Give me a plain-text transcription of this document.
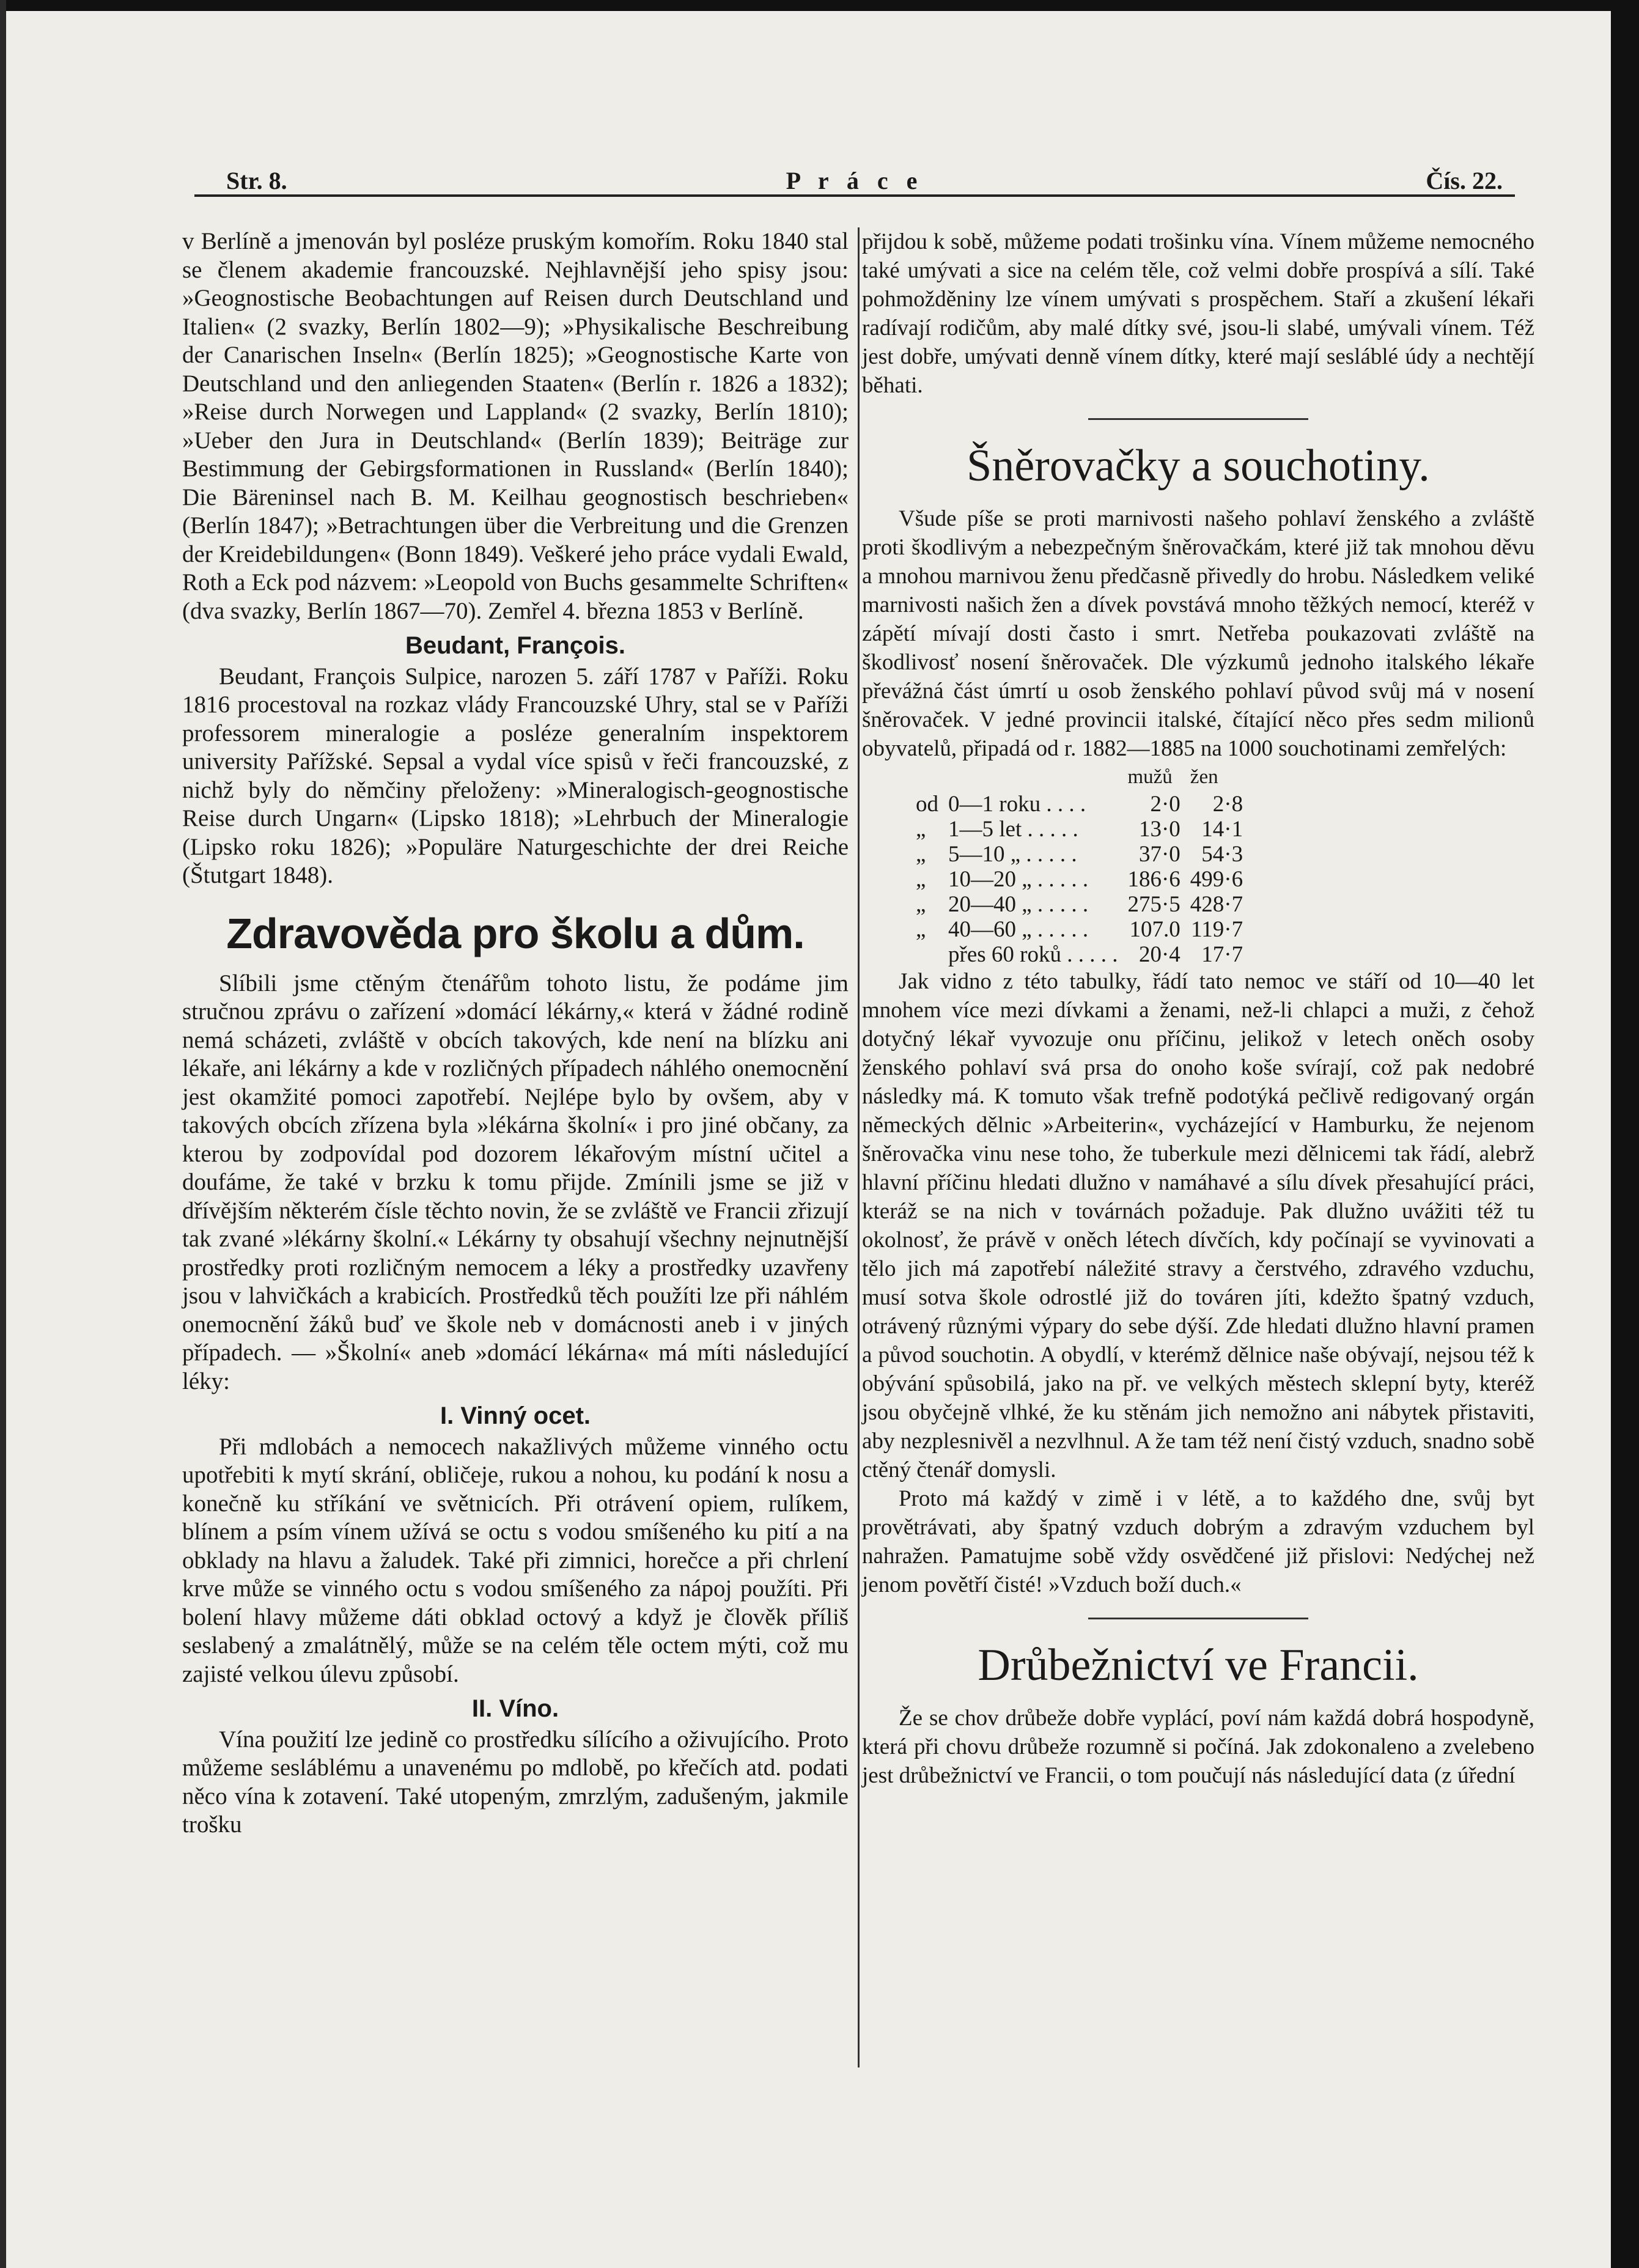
Str. 8.	P r á c e	Čís. 22.

v Berlíně a jmenován byl posléze pruským komořím. Roku 1840 stal se členem akademie francouzské. Nejhlavnější jeho spisy jsou: »Geognostische Beobachtungen auf Reisen durch Deutschland und Italien« (2 svazky, Berlín 1802—9); »Physikalische Beschreibung der Canarischen Inseln« (Berlín 1825); »Geognostische Karte von Deutschland und den anliegenden Staaten« (Berlín r. 1826 a 1832); »Reise durch Norwegen und Lappland« (2 svazky, Berlín 1810); »Ueber den Jura in Deutschland« (Berlín 1839); Beiträge zur Bestimmung der Gebirgsformationen in Russland« (Berlín 1840); Die Bäreninsel nach B. M. Keilhau geognostisch beschrieben« (Berlín 1847); »Betrachtungen über die Verbreitung und die Grenzen der Kreidebildungen« (Bonn 1849). Veškeré jeho práce vydali Ewald, Roth a Eck pod názvem: »Leopold von Buchs gesammelte Schriften« (dva svazky, Berlín 1867—70). Zemřel 4. března 1853 v Berlíně.

Beudant, François.

Beudant, François Sulpice, narozen 5. září 1787 v Paříži. Roku 1816 procestoval na rozkaz vlády Francouzské Uhry, stal se v Paříži professorem mineralogie a posléze generalním inspektorem university Pařížské. Sepsal a vydal více spisů v řeči francouzské, z nichž byly do němčiny přeloženy: »Mineralogisch-geognostische Reise durch Ungarn« (Lipsko 1818); »Lehrbuch der Mineralogie (Lipsko roku 1826); »Populäre Naturgeschichte der drei Reiche (Štutgart 1848).

Zdravověda pro školu a dům.

Slíbili jsme ctěným čtenářům tohoto listu, že podáme jim stručnou zprávu o zařízení »domácí lékárny,« která v žádné rodině nemá scházeti, zvláště v obcích takových, kde není na blízku ani lékaře, ani lékárny a kde v rozličných případech náhlého onemocnění jest okamžité pomoci zapotřebí. Nejlépe bylo by ovšem, aby v takových obcích zřízena byla »lékárna školní« i pro jiné občany, za kterou by zodpovídal pod dozorem lékařovým místní učitel a doufáme, že také v brzku k tomu přijde. Zmínili jsme se již v dřívějším některém čísle těchto novin, že se zvláště ve Francii zřizují tak zvané »lékárny školní.« Lékárny ty obsahují všechny nejnutnější prostředky proti rozličným nemocem a léky a prostředky uzavřeny jsou v lahvičkách a krabicích. Prostředků těch použíti lze při náhlém onemocnění žáků buď ve škole neb v domácnosti aneb i v jiných případech. — »Školní« aneb »domácí lékárna« má míti následující léky:

I. Vinný ocet.

Při mdlobách a nemocech nakažlivých můžeme vinného octu upotřebiti k mytí skrání, obličeje, rukou a nohou, ku podání k nosu a konečně ku stříkání ve světnicích. Při otrávení opiem, rulíkem, blínem a psím vínem užívá se octu s vodou smíšeného ku pití a na obklady na hlavu a žaludek. Také při zimnici, horečce a při chrlení krve může se vinného octu s vodou smíšeného za nápoj použíti. Při bolení hlavy můžeme dáti obklad octový a když je člověk příliš seslabený a zmalátnělý, může se na celém těle octem mýti, což mu zajisté velkou úlevu způsobí.

II. Víno.

Vína použití lze jedině co prostředku sílícího a oživujícího. Proto můžeme sesláblému a unavenému po mdlobě, po křečích atd. podati něco vína k zotavení. Také utopeným, zmrzlým, zadušeným, jakmile trošku

přijdou k sobě, můžeme podati trošinku vína. Vínem můžeme nemocného také umývati a sice na celém těle, což velmi dobře prospívá a sílí. Také pohmožděniny lze vínem umývati s prospěchem. Staří a zkušení lékaři radívají rodičům, aby malé dítky své, jsou-li slabé, umývali vínem. Též jest dobře, umývati denně vínem dítky, které mají sesláblé údy a nechtějí běhati.

Šněrovačky a souchotiny.

Všude píše se proti marnivosti našeho pohlaví ženského a zvláště proti škodlivým a nebezpečným šněrovačkám, které již tak mnohou děvu a mnohou marnivou ženu předčasně přivedly do hrobu. Následkem veliké marnivosti našich žen a dívek povstává mnoho těžkých nemocí, kteréž v zápětí mívají dosti často i smrt. Netřeba poukazovati zvláště na škodlivosť nosení šněrovaček. Dle výzkumů jednoho italského lékaře převážná část úmrtí u osob ženského pohlaví původ svůj má v nosení šněrovaček. V jedné provincii italské, čítající něco přes sedm milionů obyvatelů, připadá od r. 1882—1885 na 1000 souchotinami zemřelých:

		mužů	žen
od	0—1 roku . . . .	2·0	2·8
„	1—5 let . . . . .	13·0	14·1
„	5—10 „ . . . . .	37·0	54·3
„	10—20 „ . . . . .	186·6	499·6
„	20—40 „ . . . . .	275·5	428·7
„	40—60 „ . . . . .	107.0	119·7
	přes 60 roků . . . . .	20·4	17·7

Jak vidno z této tabulky, řádí tato nemoc ve stáří od 10—40 let mnohem více mezi dívkami a ženami, než-li chlapci a muži, z čehož dotyčný lékař vyvozuje onu příčinu, jelikož v letech oněch osoby ženského pohlaví svá prsa do onoho koše svírají, což pak nedobré následky má. K tomuto však trefně podotýká pečlivě redigovaný orgán německých dělnic »Arbeiterin«, vycházející v Hamburku, že nejenom šněrovačka vinu nese toho, že tuberkule mezi dělnicemi tak řádí, alebrž hlavní příčinu hledati dlužno v namáhavé a sílu dívek přesahující práci, kteráž se na nich v továrnách požaduje. Pak dlužno uvážiti též tu okolnosť, že právě v oněch létech dívčích, kdy počínají se vyvinovati a tělo jich má zapotřebí náležité stravy a čerstvého, zdravého vzduchu, musí sotva škole odrostlé již do továren jíti, kdežto špatný vzduch, otrávený různými výpary do sebe dýší. Zde hledati dlužno hlavní pramen a původ souchotin. A obydlí, v kterémž dělnice naše obývají, nejsou též k obývání spůsobilá, jako na př. ve velkých městech sklepní byty, kteréž jsou obyčejně vlhké, že ku stěnám jich nemožno ani nábytek přistaviti, aby nezplesnivěl a nezvlhnul. A že tam též není čistý vzduch, snadno sobě ctěný čtenář domysli.

Proto má každý v zimě i v létě, a to každého dne, svůj byt provětrávati, aby špatný vzduch dobrým a zdravým vzduchem byl nahražen. Pamatujme sobě vždy osvědčené již přislovi: Nedýchej než jenom povětří čisté! »Vzduch boží duch.«

Drůbežnictví ve Francii.

Že se chov drůbeže dobře vyplácí, poví nám každá dobrá hospodyně, která při chovu drůbeže rozumně si počíná. Jak zdokonaleno a zvelebeno jest drůbežnictví ve Francii, o tom poučují nás následující data (z úřední
